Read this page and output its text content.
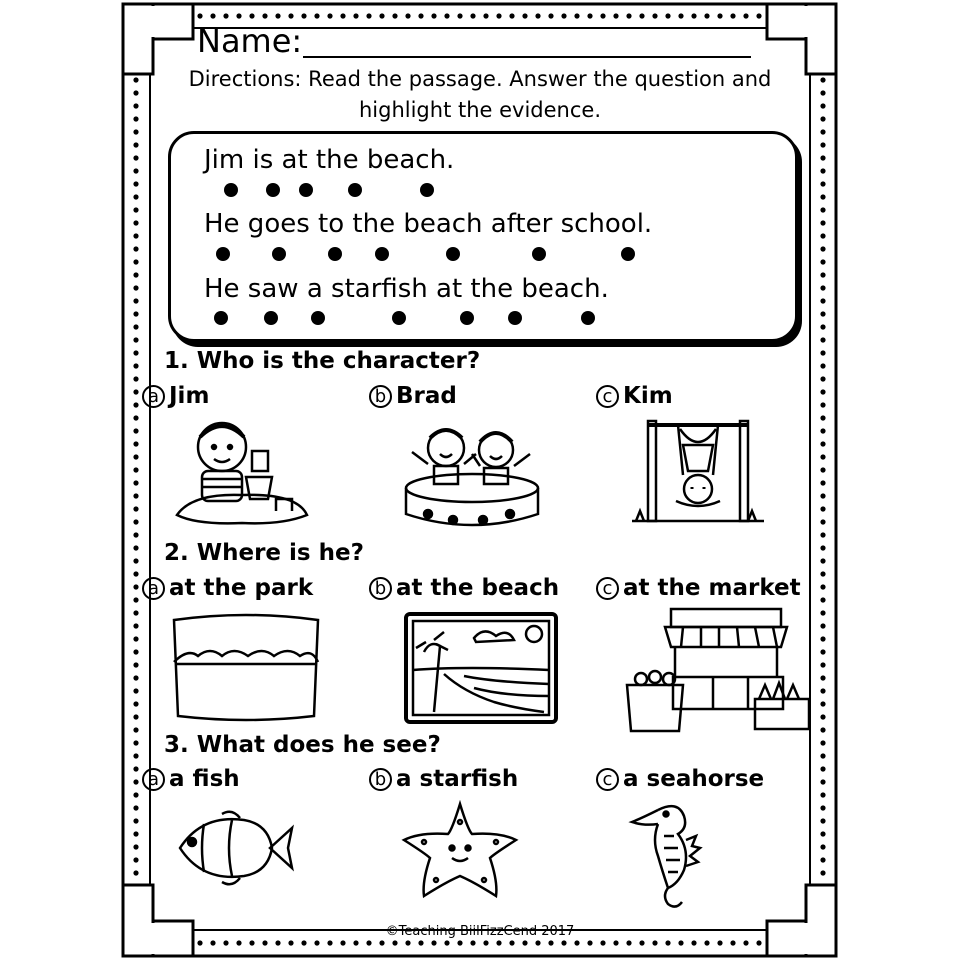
Name:
Directions: Read the passage. Answer the question and highlight the evidence.
Jim is at the beach.
He goes to the beach after school.
He saw a starfish at the beach.
1. Who is the character?
a Jim	b Brad	c Kim
2. Where is he?
a at the park	b at the beach	c at the market
3. What does he see?
a a fish	b a starfish	c a seahorse
©Teaching BiilFizzCend 2017
